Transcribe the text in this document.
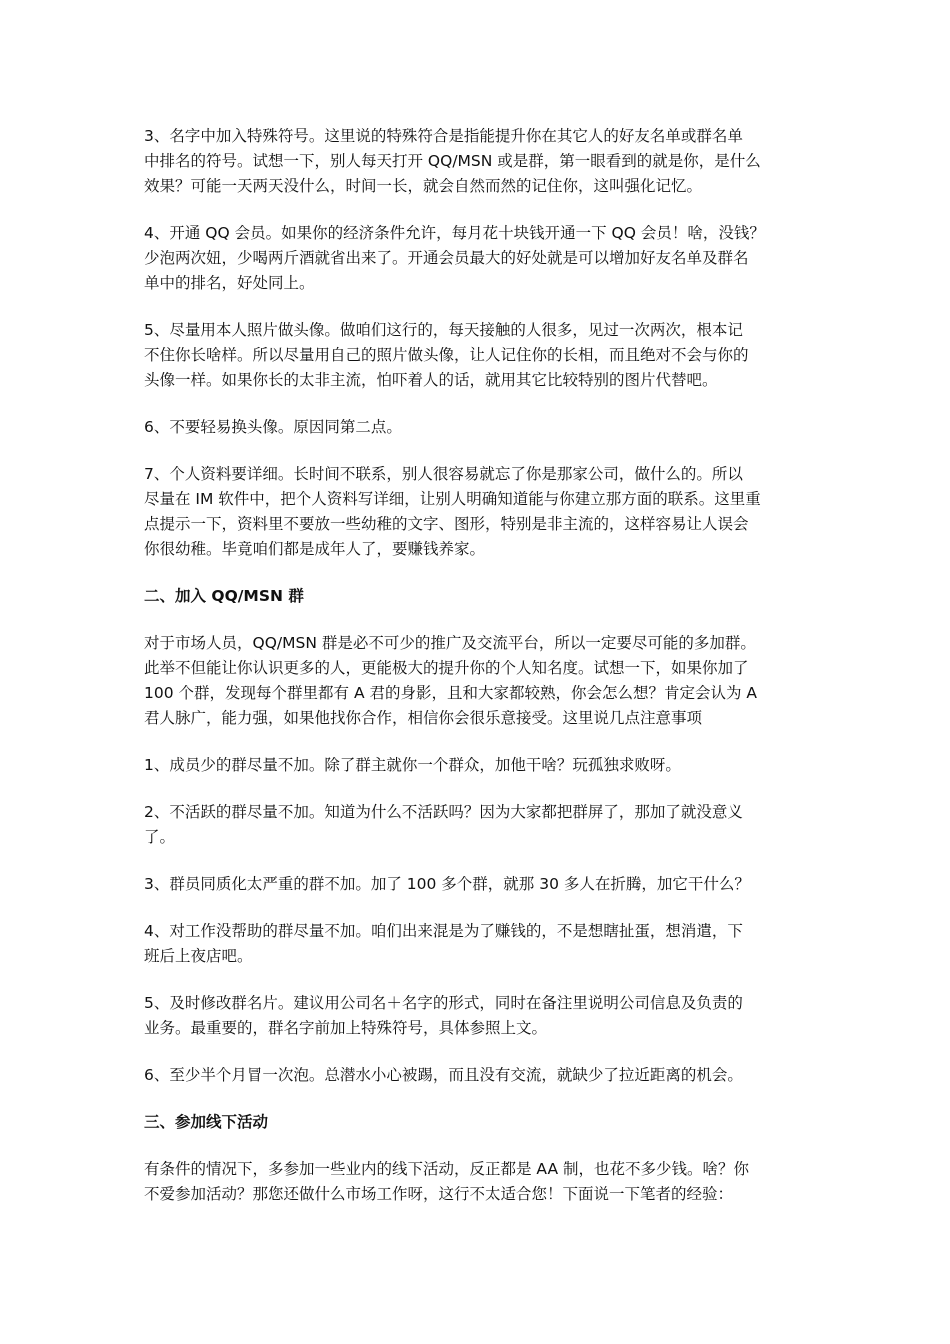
3、名字中加入特殊符号。这里说的特殊符合是指能提升你在其它人的好友名单或群名单
中排名的符号。试想一下，别人每天打开 QQ/MSN 或是群，第一眼看到的就是你，是什么
效果？可能一天两天没什么，时间一长，就会自然而然的记住你，这叫强化记忆。
4、开通 QQ 会员。如果你的经济条件允许，每月花十块钱开通一下 QQ 会员！啥，没钱？
少泡两次妞，少喝两斤酒就省出来了。开通会员最大的好处就是可以增加好友名单及群名
单中的排名，好处同上。
5、尽量用本人照片做头像。做咱们这行的，每天接触的人很多，见过一次两次，根本记
不住你长啥样。所以尽量用自己的照片做头像，让人记住你的长相，而且绝对不会与你的
头像一样。如果你长的太非主流，怕吓着人的话，就用其它比较特别的图片代替吧。
6、不要轻易换头像。原因同第二点。
7、个人资料要详细。长时间不联系，别人很容易就忘了你是那家公司，做什么的。所以
尽量在 IM 软件中，把个人资料写详细，让别人明确知道能与你建立那方面的联系。这里重
点提示一下，资料里不要放一些幼稚的文字、图形，特别是非主流的，这样容易让人误会
你很幼稚。毕竟咱们都是成年人了，要赚钱养家。
二、加入 QQ/MSN 群
对于市场人员，QQ/MSN 群是必不可少的推广及交流平台，所以一定要尽可能的多加群。
此举不但能让你认识更多的人，更能极大的提升你的个人知名度。试想一下，如果你加了
100 个群，发现每个群里都有 A 君的身影，且和大家都较熟，你会怎么想？肯定会认为 A
君人脉广，能力强，如果他找你合作，相信你会很乐意接受。这里说几点注意事项
1、成员少的群尽量不加。除了群主就你一个群众，加他干啥？玩孤独求败呀。
2、不活跃的群尽量不加。知道为什么不活跃吗？因为大家都把群屏了，那加了就没意义
了。
3、群员同质化太严重的群不加。加了 100 多个群，就那 30 多人在折腾，加它干什么？
4、对工作没帮助的群尽量不加。咱们出来混是为了赚钱的，不是想瞎扯蛋，想消遣，下
班后上夜店吧。
5、及时修改群名片。建议用公司名＋名字的形式，同时在备注里说明公司信息及负责的
业务。最重要的，群名字前加上特殊符号，具体参照上文。
6、至少半个月冒一次泡。总潜水小心被踢，而且没有交流，就缺少了拉近距离的机会。
三、参加线下活动
有条件的情况下，多参加一些业内的线下活动，反正都是 AA 制，也花不多少钱。啥？你
不爱参加活动？那您还做什么市场工作呀，这行不太适合您！下面说一下笔者的经验：
